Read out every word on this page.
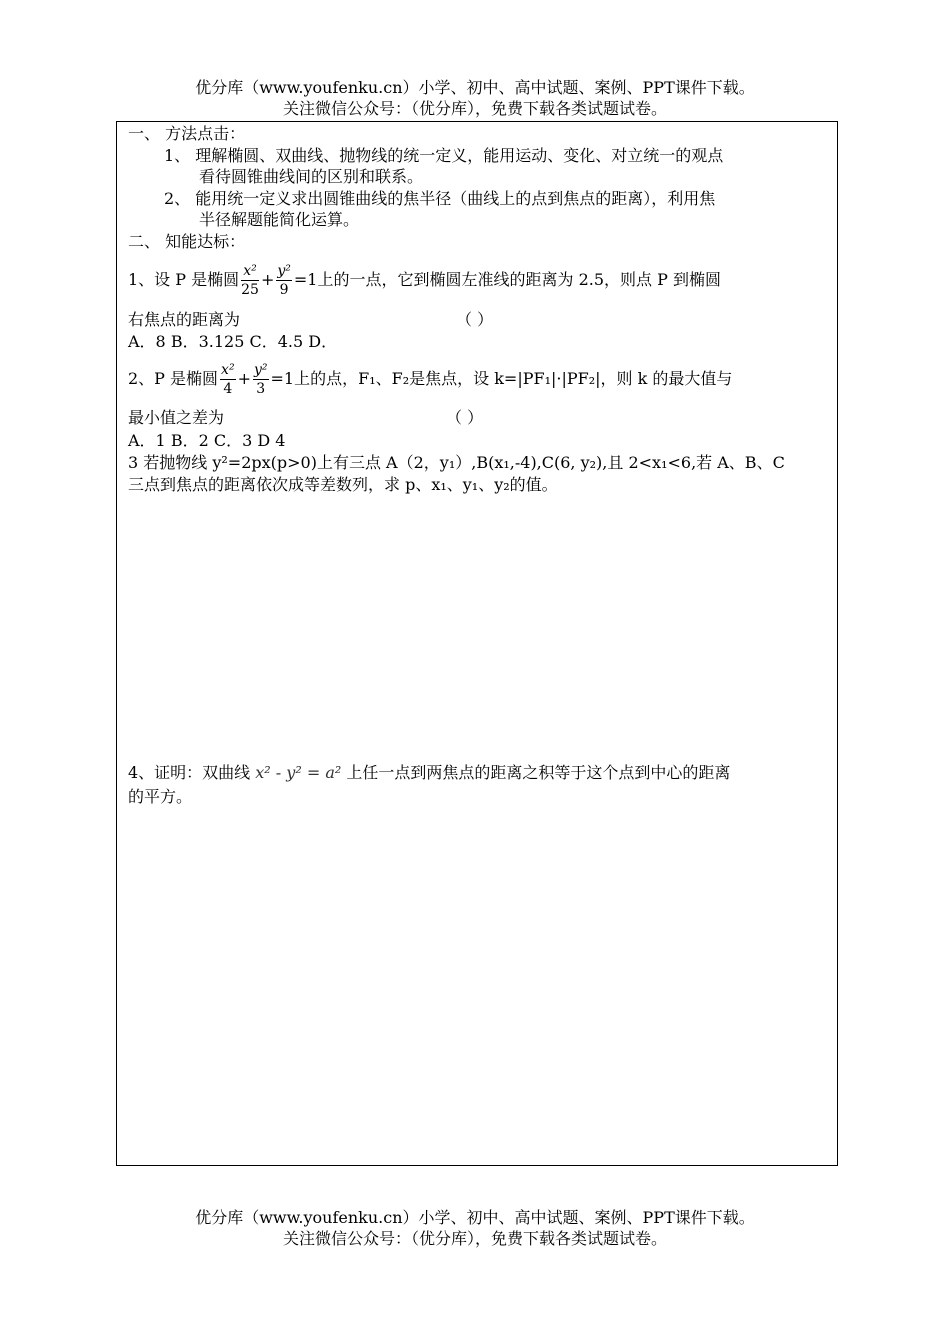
优分库（www.youfenku.cn）小学、初中、高中试题、案例、PPT课件下载。
关注微信公众号：（优分库），免费下载各类试题试卷。
一、 方法点击：
1、 理解椭圆、双曲线、抛物线的统一定义，能用运动、变化、对立统一的观点
看待圆锥曲线间的区别和联系。
2、 能用统一定义求出圆锥曲线的焦半径（曲线上的点到焦点的距离），利用焦
半径解题能简化运算。
二、 知能达标：
1、设 P 是椭圆 $\frac{\text{x²}}{25} + \frac{\text{y²}}{9} =1$上的一点，它到椭圆左准线的距离为 2.5，则点 P 到椭圆
右焦点的距离为	（ ）
A．8 B．3.125 C．4.5 D．
2、P 是椭圆 $\frac{\text{x²}}{4} + \frac{\text{y²}}{3} =1$上的点，F₁、F₂是焦点，设 k=|PF₁|·|PF₂|，则 k 的最大值与
最小值之差为	（ ）
A．1 B．2 C．3 D 4
3 若抛物线 y²=2px(p>0)上有三点 A（2，y₁）,B(x₁,-4),C(6, y₂),且 2<x₁<6,若 A、B、C
三点到焦点的距离依次成等差数列，求 p、x₁、y₁、y₂的值。
4、证明：双曲线 x² - y² = a² 上任一点到两焦点的距离之积等于这个点到中心的距离
的平方。
优分库（www.youfenku.cn）小学、初中、高中试题、案例、PPT课件下载。
关注微信公众号：（优分库），免费下载各类试题试卷。
